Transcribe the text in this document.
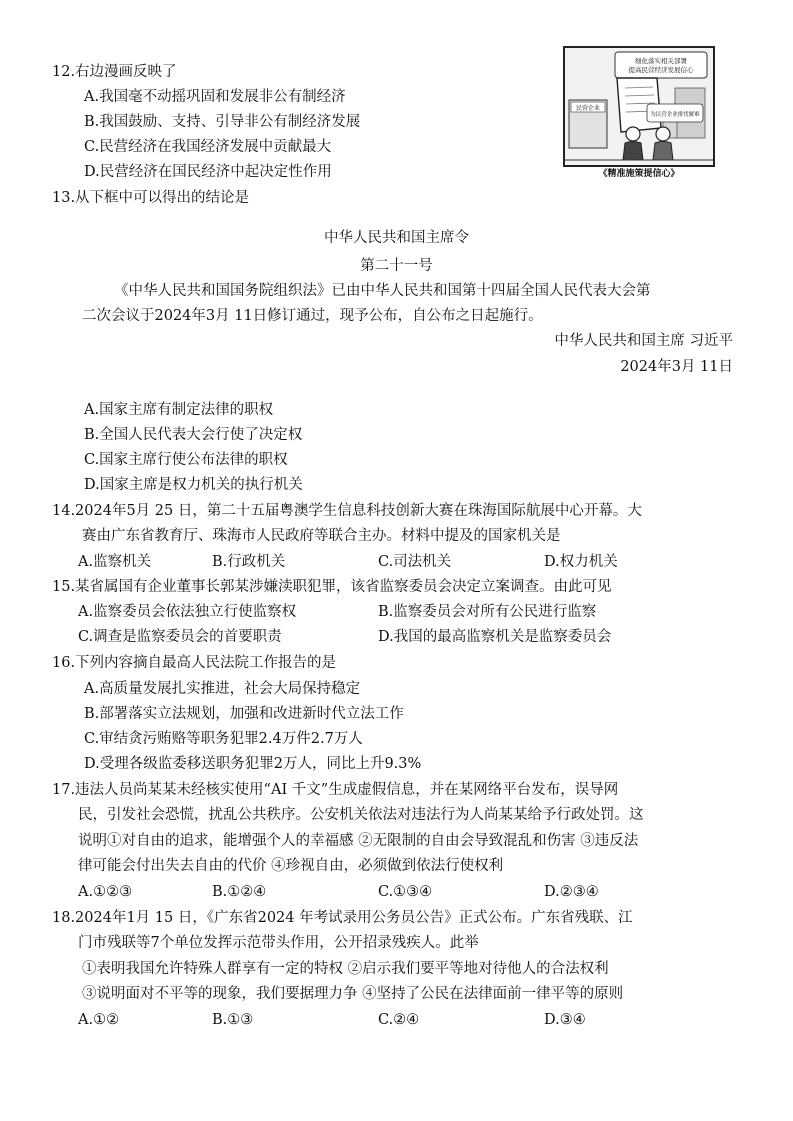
12.右边漫画反映了
A.我国毫不动摇巩固和发展非公有制经济
B.我国鼓励、支持、引导非公有制经济发展
C.民营经济在我国经济发展中贡献最大
D.民营经济在国民经济中起决定性作用
细化落实相关部署
提高民营经济发展信心
民营企业
为民营企业排忧解难
《精准施策提信心》
13.从下框中可以得出的结论是
中华人民共和国主席令
第二十一号
《中华人民共和国国务院组织法》已由中华人民共和国第十四届全国人民代表大会第
二次会议于2024年3月 11日修订通过，现予公布，自公布之日起施行。
中华人民共和国主席 习近平
2024年3月 11日
A.国家主席有制定法律的职权
B.全国人民代表大会行使了决定权
C.国家主席行使公布法律的职权
D.国家主席是权力机关的执行机关
14.2024年5月 25 日，第二十五届粤澳学生信息科技创新大赛在珠海国际航展中心开幕。大
赛由广东省教育厅、珠海市人民政府等联合主办。材料中提及的国家机关是
A.监察机关	B.行政机关	C.司法机关	D.权力机关
15.某省属国有企业董事长郭某涉嫌渎职犯罪，该省监察委员会决定立案调查。由此可见
A.监察委员会依法独立行使监察权	B.监察委员会对所有公民进行监察
C.调查是监察委员会的首要职责	D.我国的最高监察机关是监察委员会
16.下列内容摘自最高人民法院工作报告的是
A.高质量发展扎实推进，社会大局保持稳定
B.部署落实立法规划，加强和改进新时代立法工作
C.审结贪污贿赂等职务犯罪2.4万件2.7万人
D.受理各级监委移送职务犯罪2万人，同比上升9.3%
17.违法人员尚某某未经核实使用“AI 千文”生成虚假信息，并在某网络平台发布，误导网
民，引发社会恐慌，扰乱公共秩序。公安机关依法对违法行为人尚某某给予行政处罚。这
说明①对自由的追求，能增强个人的幸福感 ②无限制的自由会导致混乱和伤害 ③违反法
律可能会付出失去自由的代价 ④珍视自由，必须做到依法行使权利
A.①②③	B.①②④	C.①③④	D.②③④
18.2024年1月 15 日，《广东省2024 年考试录用公务员公告》正式公布。广东省残联、江
门市残联等7个单位发挥示范带头作用，公开招录残疾人。此举
①表明我国允许特殊人群享有一定的特权 ②启示我们要平等地对待他人的合法权利
③说明面对不平等的现象，我们要据理力争 ④坚持了公民在法律面前一律平等的原则
A.①②	B.①③	C.②④	D.③④
